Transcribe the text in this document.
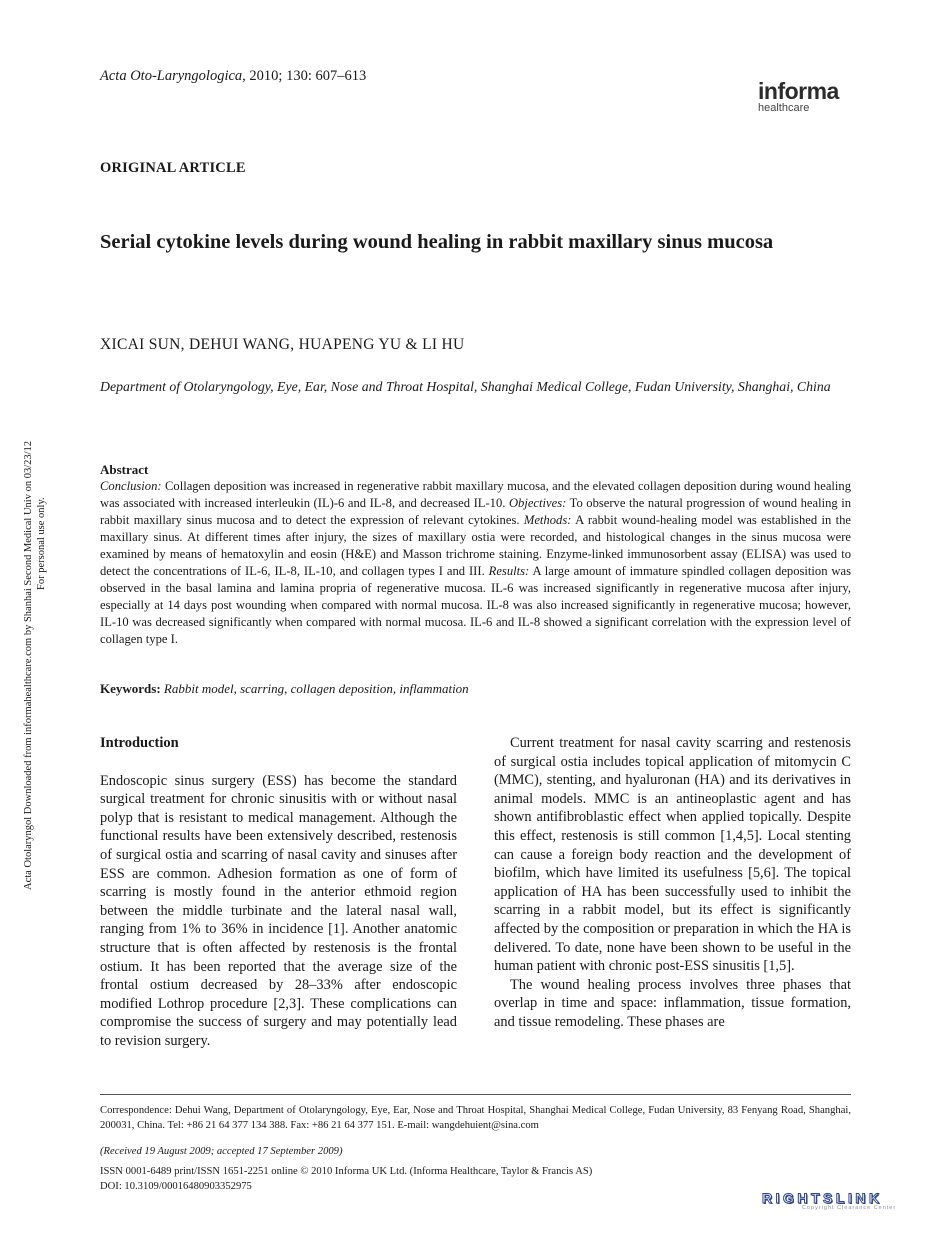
Acta Oto-Laryngologica, 2010; 130: 607–613
informa
healthcare
ORIGINAL ARTICLE
Serial cytokine levels during wound healing in rabbit maxillary sinus mucosa
XICAI SUN, DEHUI WANG, HUAPENG YU & LI HU
Department of Otolaryngology, Eye, Ear, Nose and Throat Hospital, Shanghai Medical College, Fudan University, Shanghai, China
Abstract
Conclusion: Collagen deposition was increased in regenerative rabbit maxillary mucosa, and the elevated collagen deposition during wound healing was associated with increased interleukin (IL)-6 and IL-8, and decreased IL-10. Objectives: To observe the natural progression of wound healing in rabbit maxillary sinus mucosa and to detect the expression of relevant cytokines. Methods: A rabbit wound-healing model was established in the maxillary sinus. At different times after injury, the sizes of maxillary ostia were recorded, and histological changes in the sinus mucosa were examined by means of hematoxylin and eosin (H&E) and Masson trichrome staining. Enzyme-linked immunosorbent assay (ELISA) was used to detect the concentrations of IL-6, IL-8, IL-10, and collagen types I and III. Results: A large amount of immature spindled collagen deposition was observed in the basal lamina and lamina propria of regenerative mucosa. IL-6 was increased significantly in regenerative mucosa after injury, especially at 14 days post wounding when compared with normal mucosa. IL-8 was also increased significantly in regenerative mucosa; however, IL-10 was decreased significantly when compared with normal mucosa. IL-6 and IL-8 showed a significant correlation with the expression level of collagen type I.
Keywords: Rabbit model, scarring, collagen deposition, inflammation
Introduction

Endoscopic sinus surgery (ESS) has become the standard surgical treatment for chronic sinusitis with or without nasal polyp that is resistant to medical management. Although the functional results have been extensively described, restenosis of surgical ostia and scarring of nasal cavity and sinuses after ESS are common. Adhesion formation as one of form of scarring is mostly found in the anterior ethmoid region between the middle turbinate and the lateral nasal wall, ranging from 1% to 36% in incidence [1]. Another anatomic structure that is often affected by restenosis is the frontal ostium. It has been reported that the average size of the frontal ostium decreased by 28–33% after endoscopic modified Lothrop procedure [2,3]. These complications can compromise the success of surgery and may potentially lead to revision surgery.

Current treatment for nasal cavity scarring and restenosis of surgical ostia includes topical application of mitomycin C (MMC), stenting, and hyaluronan (HA) and its derivatives in animal models. MMC is an antineoplastic agent and has shown antifibroblastic effect when applied topically. Despite this effect, restenosis is still common [1,4,5]. Local stenting can cause a foreign body reaction and the development of biofilm, which have limited its usefulness [5,6]. The topical application of HA has been successfully used to inhibit the scarring in a rabbit model, but its effect is significantly affected by the composition or preparation in which the HA is delivered. To date, none have been shown to be useful in the human patient with chronic post-ESS sinusitis [1,5].

The wound healing process involves three phases that overlap in time and space: inflammation, tissue formation, and tissue remodeling. These phases are

Correspondence: Dehui Wang, Department of Otolaryngology, Eye, Ear, Nose and Throat Hospital, Shanghai Medical College, Fudan University, 83 Fenyang Road, Shanghai, 200031, China. Tel: +86 21 64 377 134 388. Fax: +86 21 64 377 151. E-mail: wangdehuient@sina.com
(Received 19 August 2009; accepted 17 September 2009)
ISSN 0001-6489 print/ISSN 1651-2251 online © 2010 Informa UK Ltd. (Informa Healthcare, Taylor & Francis AS)
DOI: 10.3109/00016480903352975
Acta Otolaryngol Downloaded from informahealthcare.com by Shanhai Second Medical Univ on 03/23/12 For personal use only.
RIGHTSLINK
Copyright Clearance Center
